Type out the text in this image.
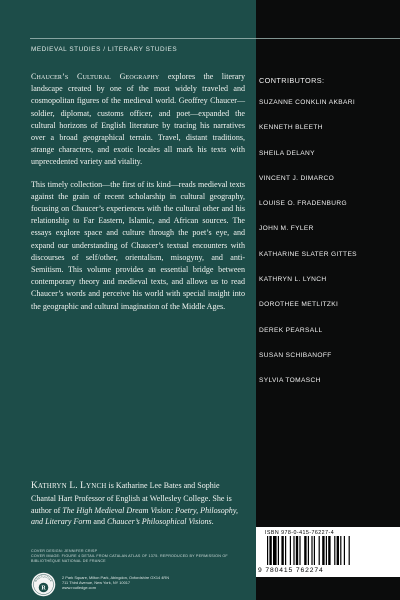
MEDIEVAL STUDIES / LITERARY STUDIES

Chaucer’s Cultural Geography explores the literary landscape created by one of the most widely traveled and cosmopolitan figures of the medieval world. Geoffrey Chaucer—soldier, diplomat, customs officer, and poet—expanded the cultural horizons of English literature by tracing his narratives over a broad geographical terrain. Travel, distant traditions, strange characters, and exotic locales all mark his texts with unprecedented variety and vitality.

This timely collection—the first of its kind—reads medieval texts against the grain of recent scholarship in cultural geography, focusing on Chaucer’s experiences with the cultural other and his relationship to Far Eastern, Islamic, and African sources. The essays explore space and culture through the poet’s eye, and expand our understanding of Chaucer’s textual encounters with discourses of self/other, orientalism, misogyny, and anti-Semitism. This volume provides an essential bridge between contemporary theory and medieval texts, and allows us to read Chaucer’s words and perceive his world with special insight into the geographic and cultural imagination of the Middle Ages.

Kathryn L. Lynch is Katharine Lee Bates and Sophie Chantal Hart Professor of English at Wellesley College. She is author of The High Medieval Dream Vision: Poetry, Philosophy, and Literary Form and Chaucer’s Philosophical Visions.
COVER DESIGN: JENNIFER CRISP
COVER IMAGE: FIGURE 4 DETAIL FROM CATALAN ATLAS OF 1375. REPRODUCED BY PERMISSION OF BIBLIOTHÈQUE NATIONAL DE FRANCE
CONTRIBUTORS:
SUZANNE CONKLIN AKBARI
KENNETH BLEETH
SHEILA DELANY
VINCENT J. DIMARCO
LOUISE O. FRADENBURG
JOHN M. FYLER
KATHARINE SLATER GITTES
KATHRYN L. LYNCH
DOROTHEE METLITZKI
DEREK PEARSALL
SUSAN SCHIBANOFF
SYLVIA TOMASCH
ISBN 978-0-415-76227-4
9 780415 762274
R
ROUTLEDGE
2 Park Square, Milton Park, Abingdon, Oxfordshire OX14 4RN
711 Third Avenue, New York, NY 10017
www.routledge.com
